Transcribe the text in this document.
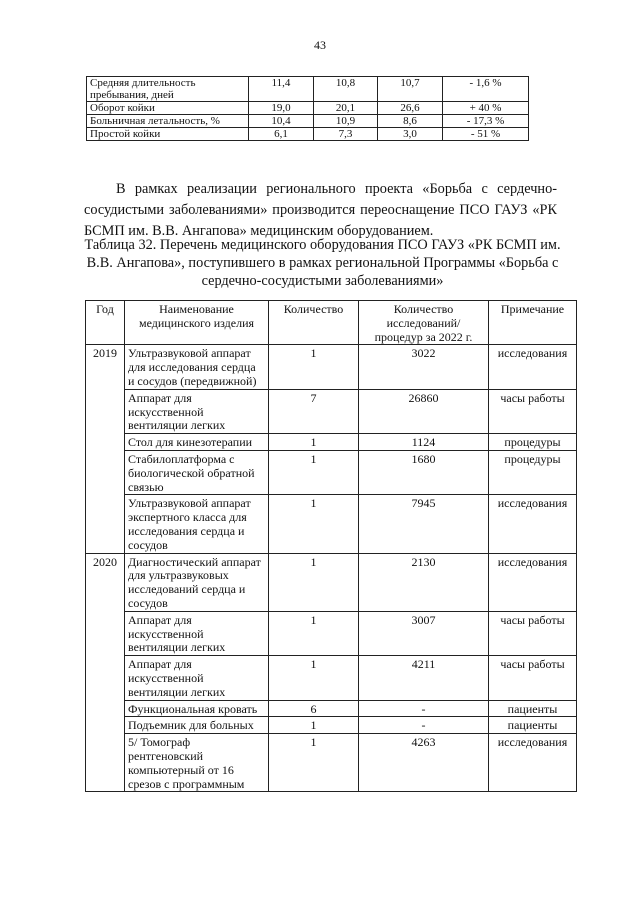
43
Средняя длительность пребывания, дней	11,4	10,8	10,7	- 1,6 %
Оборот койки	19,0	20,1	26,6	+ 40 %
Больничная летальность, %	10,4	10,9	8,6	- 17,3 %
Простой койки	6,1	7,3	3,0	- 51 %

В рамках реализации регионального проекта «Борьба с сердечно-сосудистыми заболеваниями» производится переоснащение ПСО ГАУЗ «РК БСМП им. В.В. Ангапова» медицинским оборудованием.

Таблица 32. Перечень медицинского оборудования ПСО ГАУЗ «РК БСМП им. В.В. Ангапова», поступившего в рамках региональной Программы «Борьба с сердечно-сосудистыми заболеваниями»
Год	Наименование медицинского изделия	Количество	Количество исследований/ процедур за 2022 г.	Примечание
2019	Ультразвуковой аппарат для исследования сердца и сосудов (передвижной)	1	3022	исследования
	Аппарат для искусственной вентиляции легких	7	26860	часы работы
	Стол для кинезотерапии	1	1124	процедуры
	Стабилоплатформа с биологической обратной связью	1	1680	процедуры
	Ультразвуковой аппарат экспертного класса для исследования сердца и сосудов	1	7945	исследования
2020	Диагностический аппарат для ультразвуковых исследований сердца и сосудов	1	2130	исследования
	Аппарат для искусственной вентиляции легких	1	3007	часы работы
	Аппарат для искусственной вентиляции легких	1	4211	часы работы
	Функциональная кровать	6	-	пациенты
	Подъемник для больных	1	-	пациенты
	5/ Томограф рентгеновский компьютерный от 16 срезов с программным	1	4263	исследования
